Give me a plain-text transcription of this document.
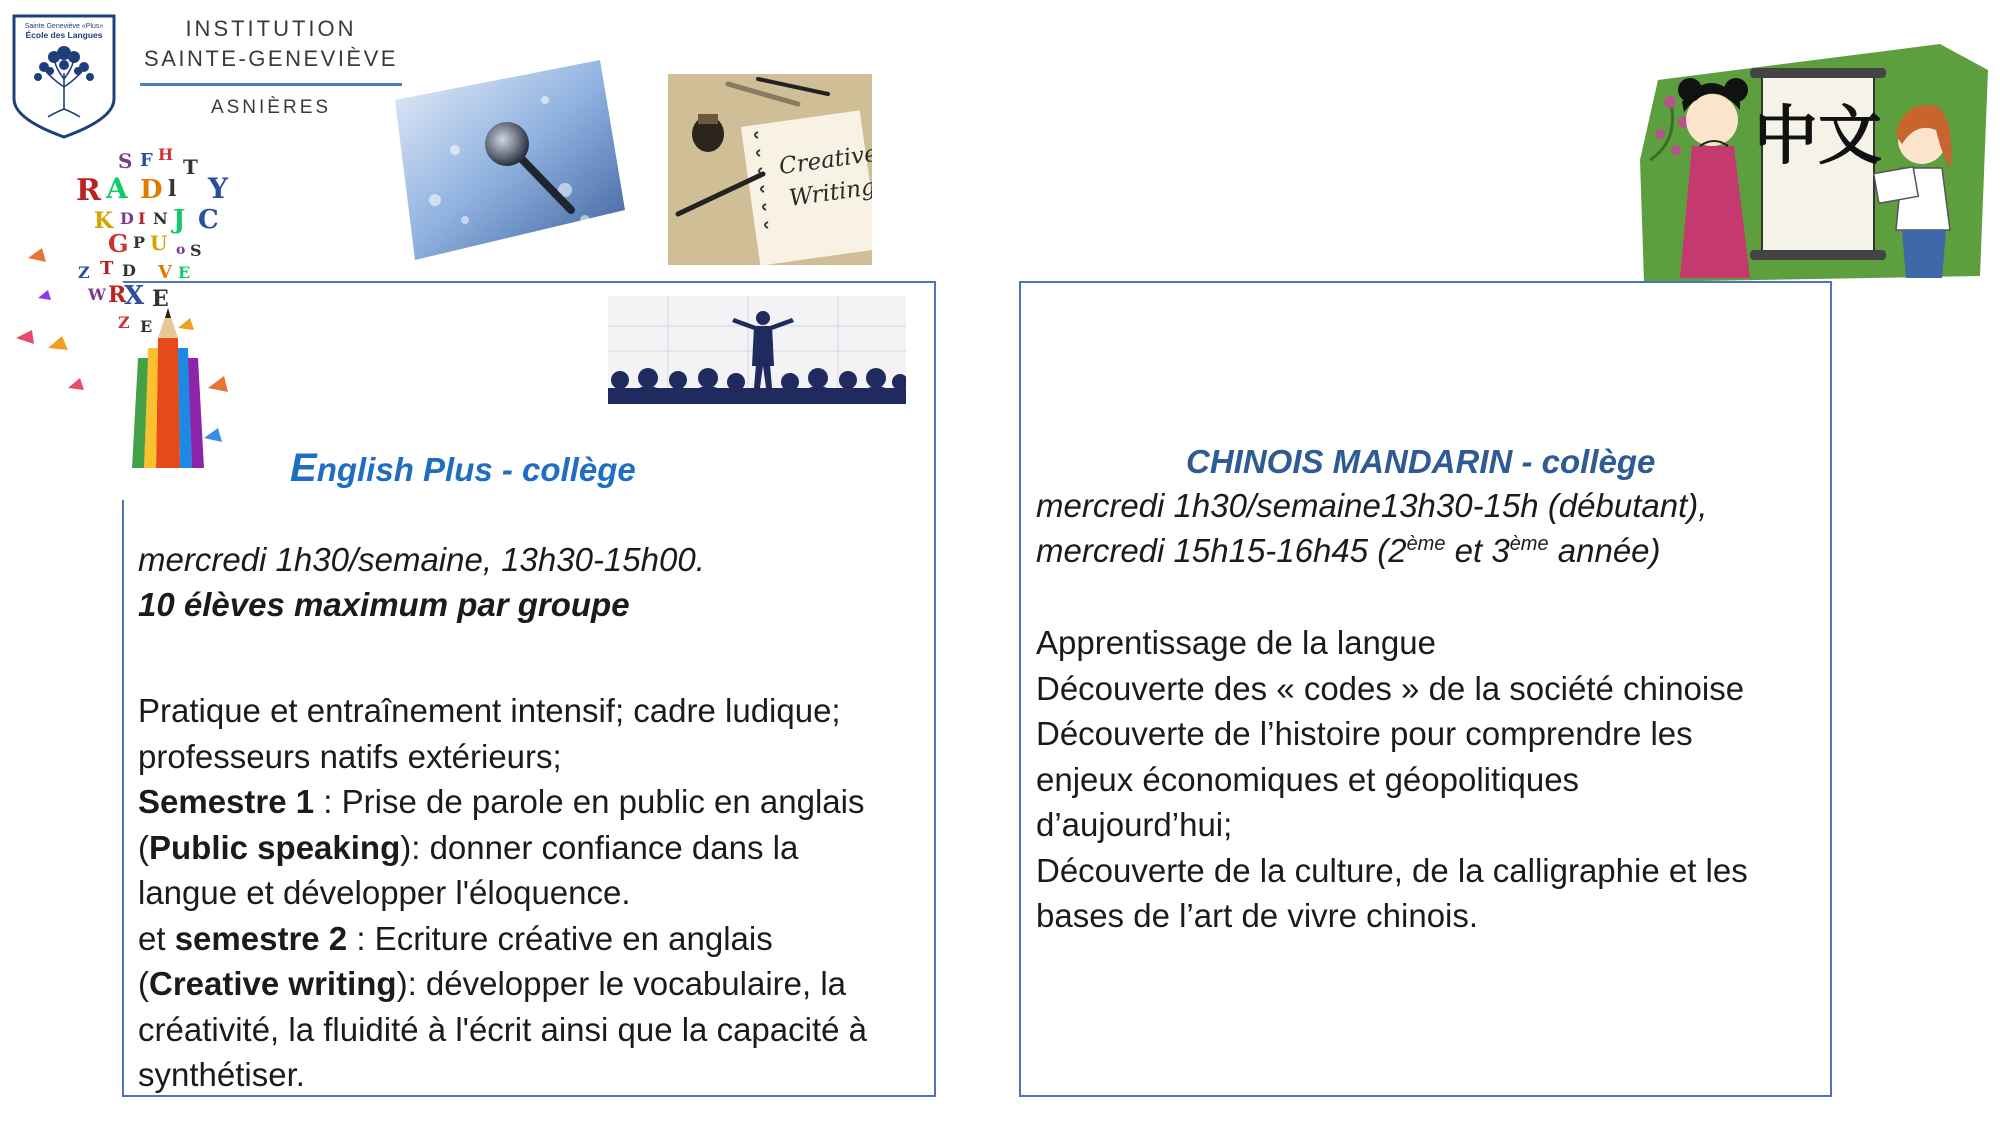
Sainte Geneviève «Plus»
École des Langues	INSTITUTION
SAINTE-GENEVIÈVE
ASNIÈRES
Creative
Writing
S F H
T
R A D l Y
K D I N J C
G P U o S
Z T D V E
W R
X E
Z E
中文
English Plus - collège
mercredi 1h30/semaine, 13h30-15h00.
10 élèves maximum par groupe
Pratique et entraînement intensif; cadre ludique;
professeurs natifs extérieurs;
Semestre 1 : Prise de parole en public en anglais
(Public speaking): donner confiance dans la
langue et développer l'éloquence.
et semestre 2 : Ecriture créative en anglais
(Creative writing): développer le vocabulaire, la
créativité, la fluidité à l'écrit ainsi que la capacité à
synthétiser.
CHINOIS MANDARIN - collège
mercredi 1h30/semaine13h30-15h (débutant),
mercredi 15h15-16h45 (2ème et 3ème année)
Apprentissage de la langue
Découverte des « codes » de la société chinoise
Découverte de l’histoire pour comprendre les
enjeux économiques et géopolitiques
d’aujourd’hui;
Découverte de la culture, de la calligraphie et les
bases de l’art de vivre chinois.
